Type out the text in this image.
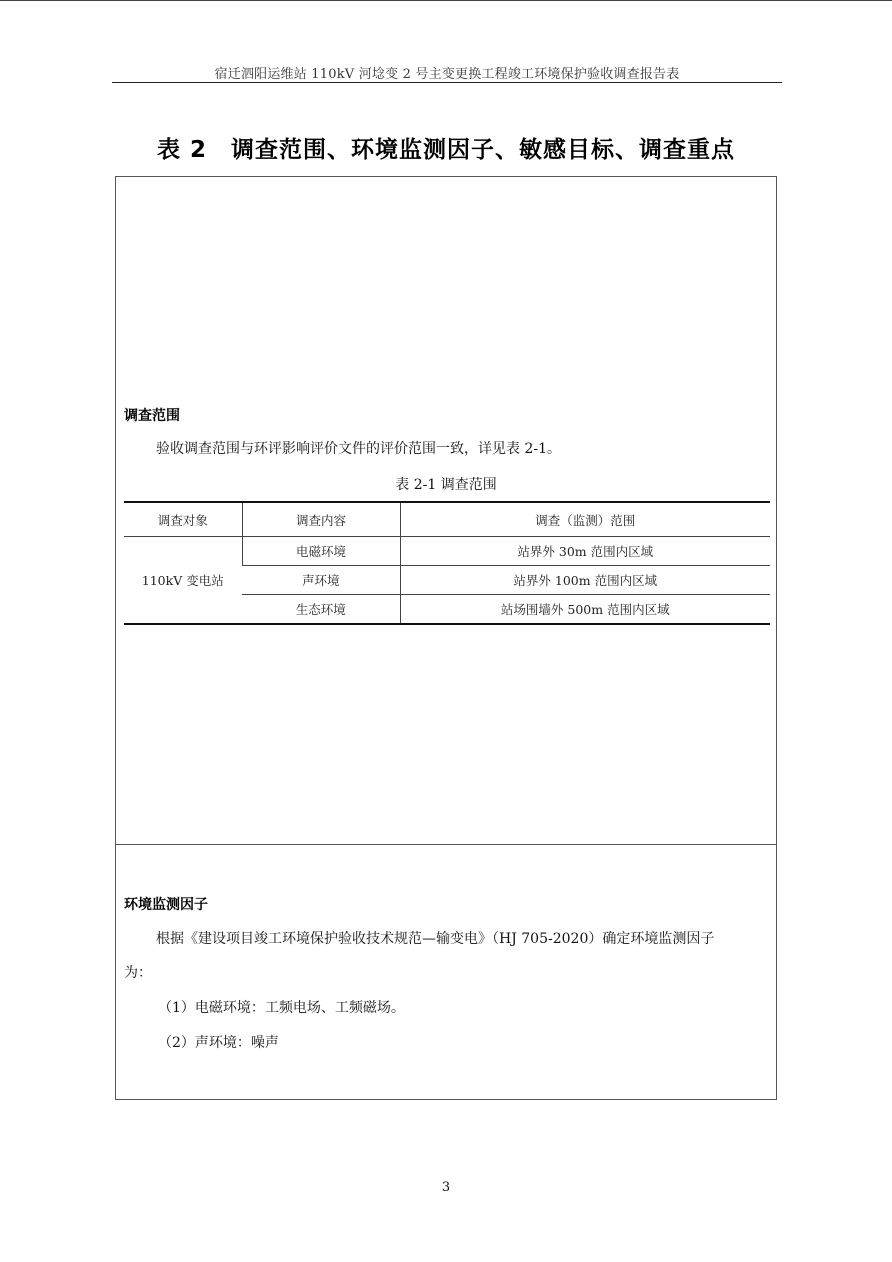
宿迁泗阳运维站 110kV 河埝变 2 号主变更换工程竣工环境保护验收调查报告表
表 2　调查范围、环境监测因子、敏感目标、调查重点
调查范围
验收调查范围与环评影响评价文件的评价范围一致，详见表 2-1。
表 2-1 调查范围
调查对象	调查内容	调查（监测）范围
110kV 变电站	电磁环境	站界外 30m 范围内区域
	声环境	站界外 100m 范围内区域
	生态环境	站场围墙外 500m 范围内区域
环境监测因子
根据《建设项目竣工环境保护验收技术规范—输变电》（HJ 705-2020）确定环境监测因子
为：
（1）电磁环境：工频电场、工频磁场。
（2）声环境：噪声
3
